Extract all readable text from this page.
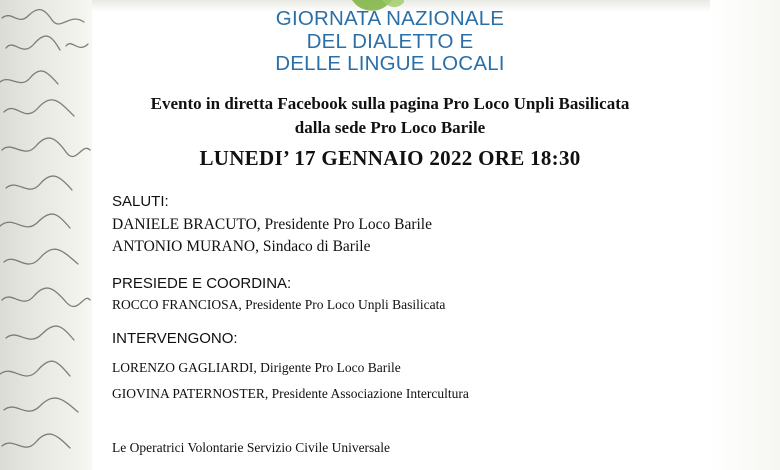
GIORNATA NAZIONALE
DEL DIALETTO E
DELLE LINGUE LOCALI
Evento in diretta Facebook sulla pagina Pro Loco Unpli Basilicata
dalla sede Pro Loco Barile
LUNEDI’ 17 GENNAIO 2022 ORE 18:30
SALUTI:
DANIELE BRACUTO, Presidente Pro Loco Barile
ANTONIO MURANO, Sindaco di Barile
PRESIEDE E COORDINA:
ROCCO FRANCIOSA, Presidente Pro Loco Unpli Basilicata
INTERVENGONO:
LORENZO GAGLIARDI, Dirigente Pro Loco Barile
GIOVINA PATERNOSTER, Presidente Associazione Intercultura
Le Operatrici Volontarie Servizio Civile Universale
